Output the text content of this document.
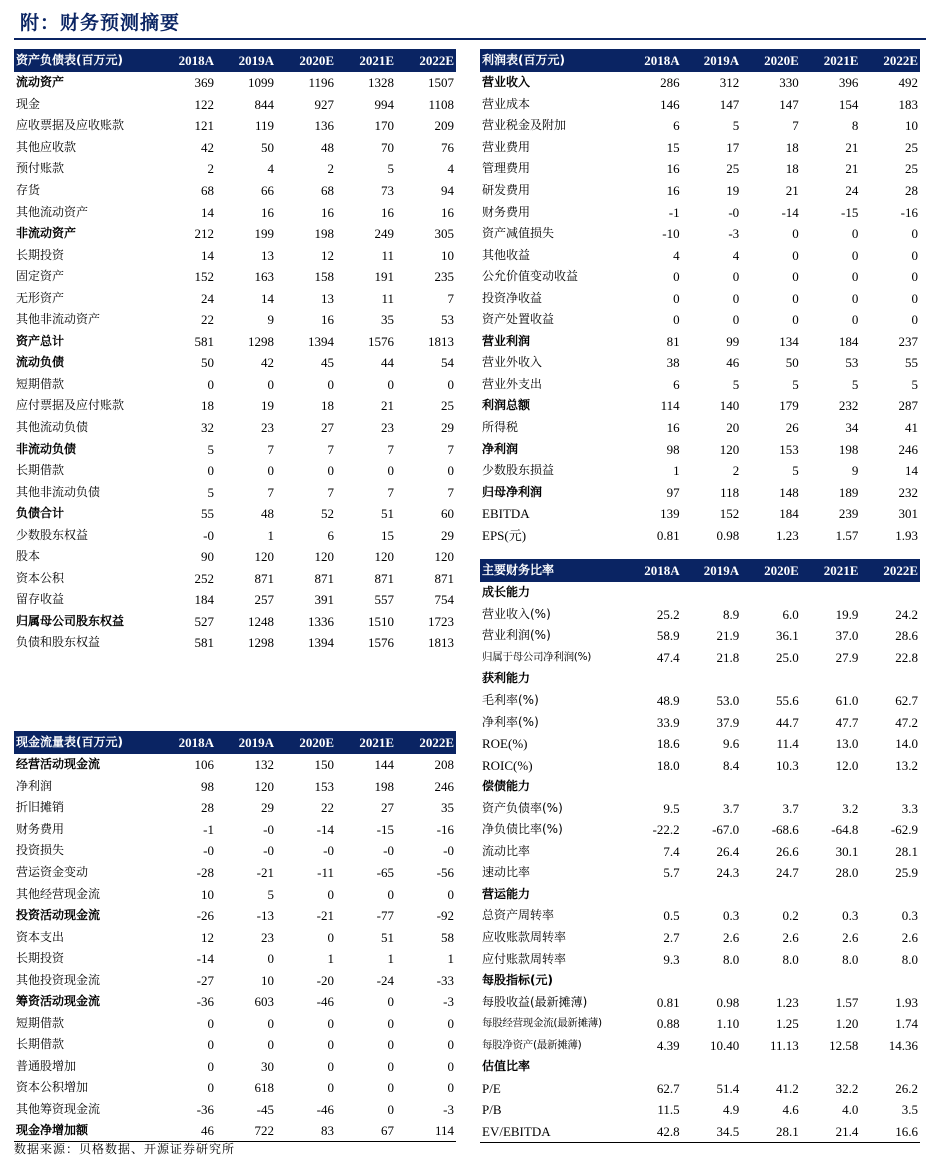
附：财务预测摘要
资产负债表(百万元)	2018A	2019A	2020E	2021E	2022E
流动资产	369	1099	1196	1328	1507
现金	122	844	927	994	1108
应收票据及应收账款	121	119	136	170	209
其他应收款	42	50	48	70	76
预付账款	2	4	2	5	4
存货	68	66	68	73	94
其他流动资产	14	16	16	16	16
非流动资产	212	199	198	249	305
长期投资	14	13	12	11	10
固定资产	152	163	158	191	235
无形资产	24	14	13	11	7
其他非流动资产	22	9	16	35	53
资产总计	581	1298	1394	1576	1813
流动负债	50	42	45	44	54
短期借款	0	0	0	0	0
应付票据及应付账款	18	19	18	21	25
其他流动负债	32	23	27	23	29
非流动负债	5	7	7	7	7
长期借款	0	0	0	0	0
其他非流动负债	5	7	7	7	7
负债合计	55	48	52	51	60
少数股东权益	-0	1	6	15	29
股本	90	120	120	120	120
资本公积	252	871	871	871	871
留存收益	184	257	391	557	754
归属母公司股东权益	527	1248	1336	1510	1723
负债和股东权益	581	1298	1394	1576	1813
利润表(百万元)	2018A	2019A	2020E	2021E	2022E
营业收入	286	312	330	396	492
营业成本	146	147	147	154	183
营业税金及附加	6	5	7	8	10
营业费用	15	17	18	21	25
管理费用	16	25	18	21	25
研发费用	16	19	21	24	28
财务费用	-1	-0	-14	-15	-16
资产减值损失	-10	-3	0	0	0
其他收益	4	4	0	0	0
公允价值变动收益	0	0	0	0	0
投资净收益	0	0	0	0	0
资产处置收益	0	0	0	0	0
营业利润	81	99	134	184	237
营业外收入	38	46	50	53	55
营业外支出	6	5	5	5	5
利润总额	114	140	179	232	287
所得税	16	20	26	34	41
净利润	98	120	153	198	246
少数股东损益	1	2	5	9	14
归母净利润	97	118	148	189	232
EBITDA	139	152	184	239	301
EPS(元)	0.81	0.98	1.23	1.57	1.93
现金流量表(百万元)	2018A	2019A	2020E	2021E	2022E
经营活动现金流	106	132	150	144	208
净利润	98	120	153	198	246
折旧摊销	28	29	22	27	35
财务费用	-1	-0	-14	-15	-16
投资损失	-0	-0	-0	-0	-0
营运资金变动	-28	-21	-11	-65	-56
其他经营现金流	10	5	0	0	0
投资活动现金流	-26	-13	-21	-77	-92
资本支出	12	23	0	51	58
长期投资	-14	0	1	1	1
其他投资现金流	-27	10	-20	-24	-33
筹资活动现金流	-36	603	-46	0	-3
短期借款	0	0	0	0	0
长期借款	0	0	0	0	0
普通股增加	0	30	0	0	0
资本公积增加	0	618	0	0	0
其他筹资现金流	-36	-45	-46	0	-3
现金净增加额	46	722	83	67	114
主要财务比率	2018A	2019A	2020E	2021E	2022E
成长能力					
营业收入(%)	25.2	8.9	6.0	19.9	24.2
营业利润(%)	58.9	21.9	36.1	37.0	28.6
归属于母公司净利润(%)	47.4	21.8	25.0	27.9	22.8
获利能力					
毛利率(%)	48.9	53.0	55.6	61.0	62.7
净利率(%)	33.9	37.9	44.7	47.7	47.2
ROE(%)	18.6	9.6	11.4	13.0	14.0
ROIC(%)	18.0	8.4	10.3	12.0	13.2
偿债能力					
资产负债率(%)	9.5	3.7	3.7	3.2	3.3
净负债比率(%)	-22.2	-67.0	-68.6	-64.8	-62.9
流动比率	7.4	26.4	26.6	30.1	28.1
速动比率	5.7	24.3	24.7	28.0	25.9
营运能力					
总资产周转率	0.5	0.3	0.2	0.3	0.3
应收账款周转率	2.7	2.6	2.6	2.6	2.6
应付账款周转率	9.3	8.0	8.0	8.0	8.0
每股指标(元)					
每股收益(最新摊薄)	0.81	0.98	1.23	1.57	1.93
每股经营现金流(最新摊薄)	0.88	1.10	1.25	1.20	1.74
每股净资产(最新摊薄)	4.39	10.40	11.13	12.58	14.36
估值比率					
P/E	62.7	51.4	41.2	32.2	26.2
P/B	11.5	4.9	4.6	4.0	3.5
EV/EBITDA	42.8	34.5	28.1	21.4	16.6
数据来源：贝格数据、开源证券研究所
